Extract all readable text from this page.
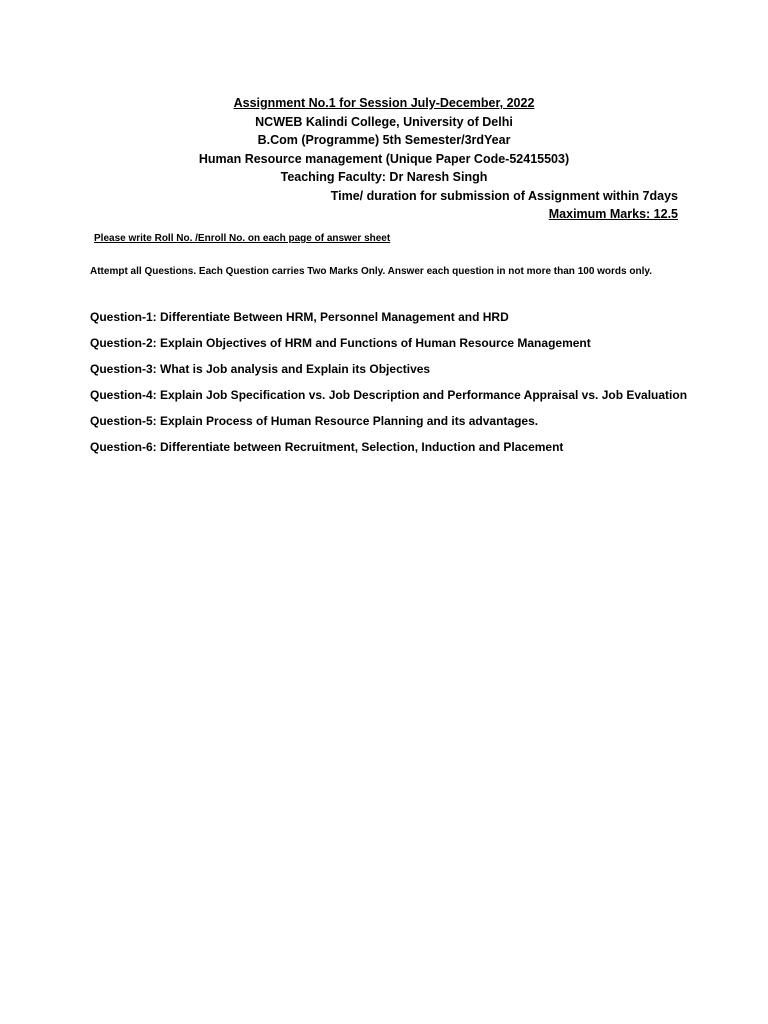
Assignment No.1 for Session July-December, 2022
NCWEB Kalindi College, University of Delhi
B.Com (Programme) 5th Semester/3rdYear
Human Resource management (Unique Paper Code-52415503)
Teaching Faculty: Dr Naresh Singh
Time/ duration for submission of Assignment within 7days
Maximum Marks: 12.5
Please write Roll No. /Enroll No. on each page of answer sheet
Attempt all Questions. Each Question carries Two Marks Only. Answer each question in not more than 100 words only.
Question-1: Differentiate Between HRM, Personnel Management and HRD
Question-2: Explain Objectives of HRM and Functions of Human Resource Management
Question-3: What is Job analysis and Explain its Objectives
Question-4: Explain Job Specification vs. Job Description and Performance Appraisal vs. Job Evaluation
Question-5: Explain Process of Human Resource Planning and its advantages.
Question-6: Differentiate between Recruitment, Selection, Induction and Placement
